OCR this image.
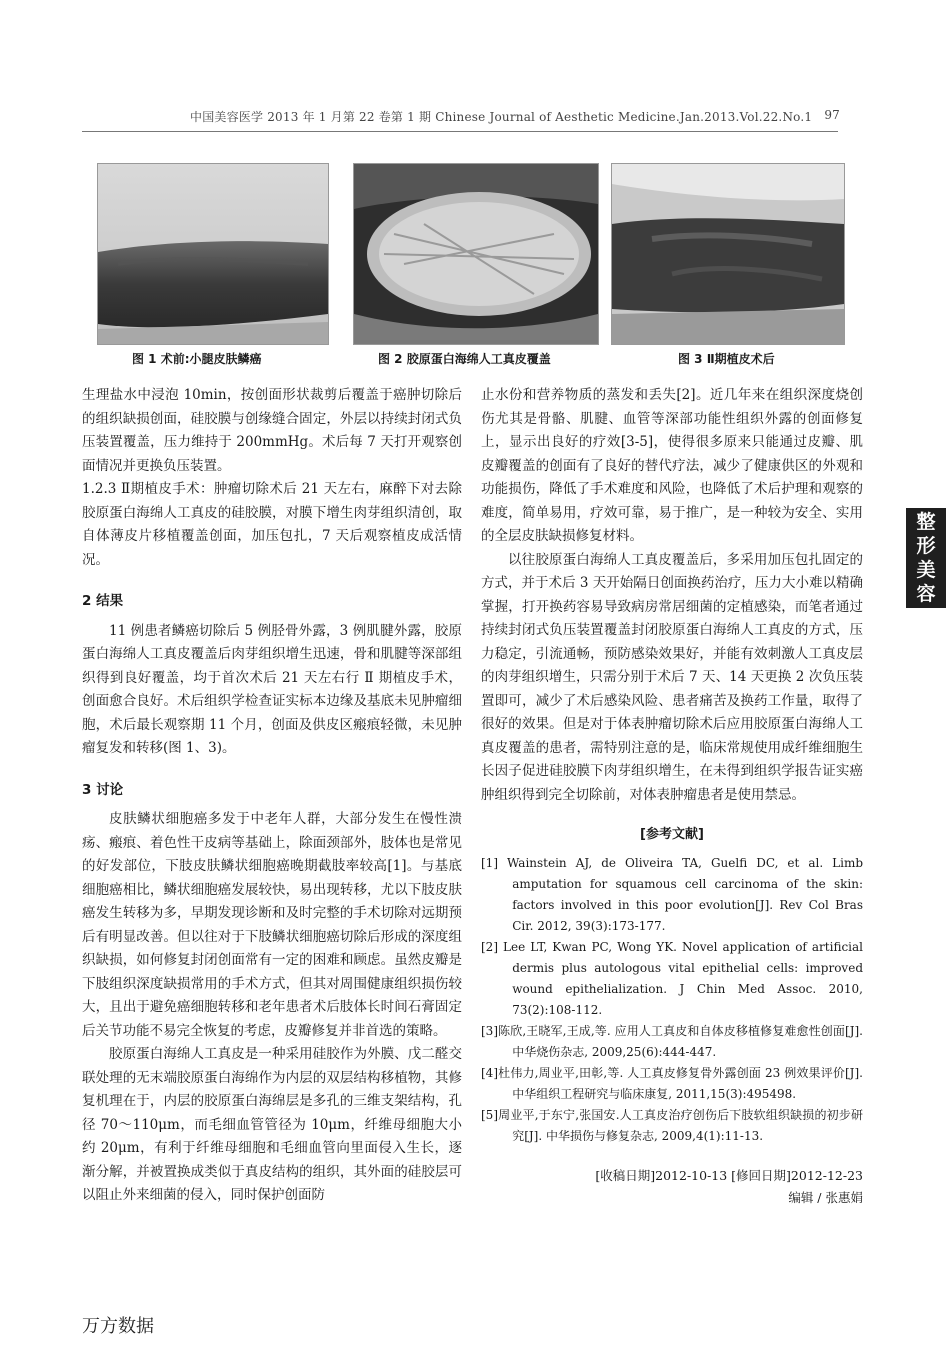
中国美容医学 2013 年 1 月第 22 卷第 1 期 Chinese Journal of Aesthetic Medicine.Jan.2013.Vol.22.No.1 97
图 1 术前:小腿皮肤鳞癌	图 2 胶原蛋白海绵人工真皮覆盖	图 3 Ⅱ期植皮术后

生理盐水中浸泡 10min，按创面形状裁剪后覆盖于癌肿切除后的组织缺损创面，硅胶膜与创缘缝合固定，外层以持续封闭式负压装置覆盖，压力维持于 200mmHg。术后每 7 天打开观察创面情况并更换负压装置。

1.2.3 Ⅱ期植皮手术：肿瘤切除术后 21 天左右，麻醉下对去除胶原蛋白海绵人工真皮的硅胶膜，对膜下增生肉芽组织清创，取自体薄皮片移植覆盖创面，加压包扎，7 天后观察植皮成活情况。

2 结果

11 例患者鳞癌切除后 5 例胫骨外露，3 例肌腱外露，胶原蛋白海绵人工真皮覆盖后肉芽组织增生迅速，骨和肌腱等深部组织得到良好覆盖，均于首次术后 21 天左右行 Ⅱ 期植皮手术，创面愈合良好。术后组织学检查证实标本边缘及基底未见肿瘤细胞，术后最长观察期 11 个月，创面及供皮区瘢痕轻微，未见肿瘤复发和转移(图 1、3)。

3 讨论

皮肤鳞状细胞癌多发于中老年人群，大部分发生在慢性溃疡、瘢痕、着色性干皮病等基础上，除面颈部外，肢体也是常见的好发部位，下肢皮肤鳞状细胞癌晚期截肢率较高[1]。与基底细胞癌相比，鳞状细胞癌发展较快，易出现转移，尤以下肢皮肤癌发生转移为多，早期发现诊断和及时完整的手术切除对远期预后有明显改善。但以往对于下肢鳞状细胞癌切除后形成的深度组织缺损，如何修复封闭创面常有一定的困难和顾虑。虽然皮瓣是下肢组织深度缺损常用的手术方式，但其对周围健康组织损伤较大，且出于避免癌细胞转移和老年患者术后肢体长时间石膏固定后关节功能不易完全恢复的考虑，皮瓣修复并非首选的策略。

胶原蛋白海绵人工真皮是一种采用硅胶作为外膜、戊二醛交联处理的无末端胶原蛋白海绵作为内层的双层结构移植物，其修复机理在于，内层的胶原蛋白海绵层是多孔的三维支架结构，孔径 70～110μm，而毛细血管管径为 10μm，纤维母细胞大小约 20μm，有利于纤维母细胞和毛细血管向里面侵入生长，逐渐分解，并被置换成类似于真皮结构的组织，其外面的硅胶层可以阻止外来细菌的侵入，同时保护创面防

止水份和营养物质的蒸发和丢失[2]。近几年来在组织深度烧创伤尤其是骨骼、肌腱、血管等深部功能性组织外露的创面修复上，显示出良好的疗效[3-5]，使得很多原来只能通过皮瓣、肌皮瓣覆盖的创面有了良好的替代疗法，减少了健康供区的外观和功能损伤，降低了手术难度和风险，也降低了术后护理和观察的难度，简单易用，疗效可靠，易于推广，是一种较为安全、实用的全层皮肤缺损修复材料。

以往胶原蛋白海绵人工真皮覆盖后，多采用加压包扎固定的方式，并于术后 3 天开始隔日创面换药治疗，压力大小难以精确掌握，打开换药容易导致病房常居细菌的定植感染，而笔者通过持续封闭式负压装置覆盖封闭胶原蛋白海绵人工真皮的方式，压力稳定，引流通畅，预防感染效果好，并能有效刺激人工真皮层的肉芽组织增生，只需分别于术后 7 天、14 天更换 2 次负压装置即可，减少了术后感染风险、患者痛苦及换药工作量，取得了很好的效果。但是对于体表肿瘤切除术后应用胶原蛋白海绵人工真皮覆盖的患者，需特别注意的是，临床常规使用成纤维细胞生长因子促进硅胶膜下肉芽组织增生，在未得到组织学报告证实癌肿组织得到完全切除前，对体表肿瘤患者是使用禁忌。

[参考文献]

[1] Wainstein AJ, de Oliveira TA, Guelfi DC, et al. Limb amputation for squamous cell carcinoma of the skin: factors involved in this poor evolution[J]. Rev Col Bras Cir. 2012, 39(3):173-177.

[2] Lee LT, Kwan PC, Wong YK. Novel application of artificial dermis plus autologous vital epithelial cells: improved wound epithelialization. J Chin Med Assoc. 2010, 73(2):108-112.

[3]陈欣,王晓军,王成,等. 应用人工真皮和自体皮移植修复难愈性创面[J].中华烧伤杂志, 2009,25(6):444-447.

[4]杜伟力,周业平,田彰,等. 人工真皮修复骨外露创面 23 例效果评价[J]. 中华组织工程研究与临床康复, 2011,15(3):495498.

[5]周业平,于东宁,张国安.人工真皮治疗创伤后下肢软组织缺损的初步研究[J]. 中华损伤与修复杂志, 2009,4(1):11-13.

[收稿日期]2012-10-13 [修回日期]2012-12-23
编辑 / 张惠娟
整
形
美
容
万方数据
